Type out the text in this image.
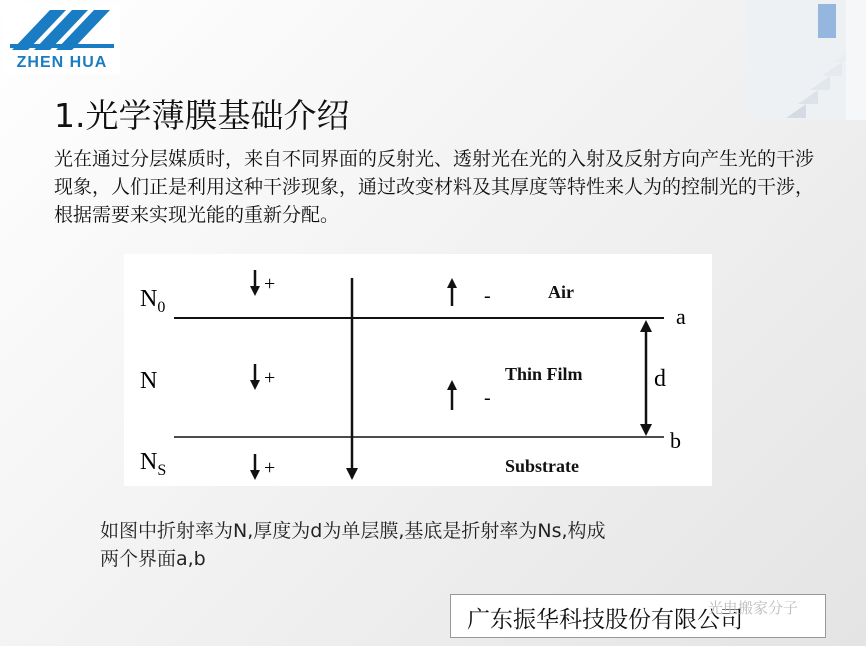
ZHEN HUA
1.光学薄膜基础介绍
光在通过分层媒质时，来自不同界面的反射光、透射光在光的入射及反射方向产生光的干涉现象，人们正是利用这种干涉现象，通过改变材料及其厚度等特性来人为的控制光的干涉，根据需要来实现光能的重新分配。
+
+
+
-
-
$N_0$
N
$N_S$
Air
Thin Film
Substrate
a
b
d
如图中折射率为N,厚度为d为单层膜,基底是折射率为Ns,构成
两个界面a,b
广东振华科技股份有限公司
光电搬家分子
